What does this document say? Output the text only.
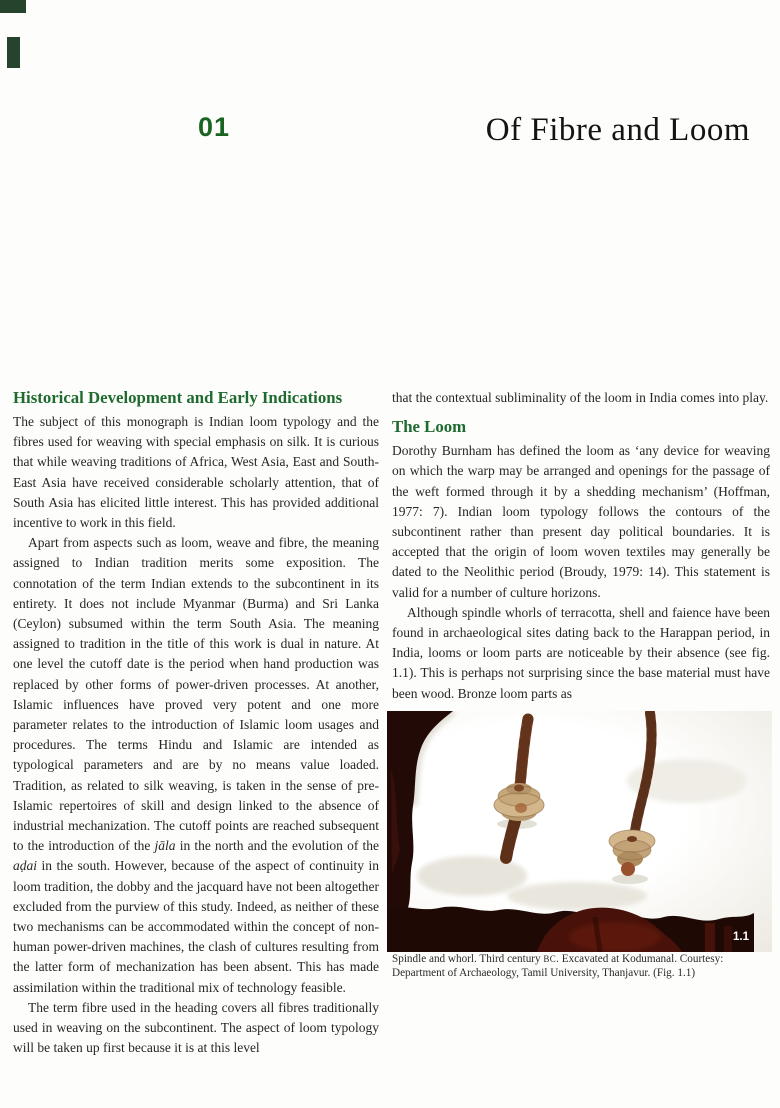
01	Of Fibre and Loom
Historical Development and Early Indications

The subject of this monograph is Indian loom typology and the fibres used for weaving with special emphasis on silk. It is curious that while weaving traditions of Africa, West Asia, East and South-East Asia have received considerable scholarly attention, that of South Asia has elicited little interest. This has provided additional incentive to work in this field.

Apart from aspects such as loom, weave and fibre, the meaning assigned to Indian tradition merits some exposition. The connotation of the term Indian extends to the subcontinent in its entirety. It does not include Myanmar (Burma) and Sri Lanka (Ceylon) subsumed within the term South Asia. The meaning assigned to tradition in the title of this work is dual in nature. At one level the cutoff date is the period when hand production was replaced by other forms of power-driven processes. At another, Islamic influences have proved very potent and one more parameter relates to the introduction of Islamic loom usages and procedures. The terms Hindu and Islamic are intended as typological parameters and are by no means value loaded. Tradition, as related to silk weaving, is taken in the sense of pre-Islamic repertoires of skill and design linked to the absence of industrial mechanization. The cutoff points are reached subsequent to the introduction of the jāla in the north and the evolution of the aḍai in the south. However, because of the aspect of continuity in loom tradition, the dobby and the jacquard have not been altogether excluded from the purview of this study. Indeed, as neither of these two mechanisms can be accommodated within the concept of non-human power-driven machines, the clash of cultures resulting from the latter form of mechanization has been absent. This has made assimilation within the traditional mix of technology feasible.

The term fibre used in the heading covers all fibres traditionally used in weaving on the subcontinent. The aspect of loom typology will be taken up first because it is at this level

that the contextual subliminality of the loom in India comes into play.

The Loom

Dorothy Burnham has defined the loom as ‘any device for weaving on which the warp may be arranged and openings for the passage of the weft formed through it by a shedding mechanism’ (Hoffman, 1977: 7). Indian loom typology follows the contours of the subcontinent rather than present day political boundaries. It is accepted that the origin of loom woven textiles may generally be dated to the Neolithic period (Broudy, 1979: 14). This statement is valid for a number of culture horizons.

Although spindle whorls of terracotta, shell and faience have been found in archaeological sites dating back to the Harappan period, in India, looms or loom parts are noticeable by their absence (see fig. 1.1). This is perhaps not surprising since the base material must have been wood. Bronze loom parts as

1.1

Spindle and whorl. Third century BC. Excavated at Kodumanal. Courtesy: Department of Archaeology, Tamil University, Thanjavur. (Fig. 1.1)
